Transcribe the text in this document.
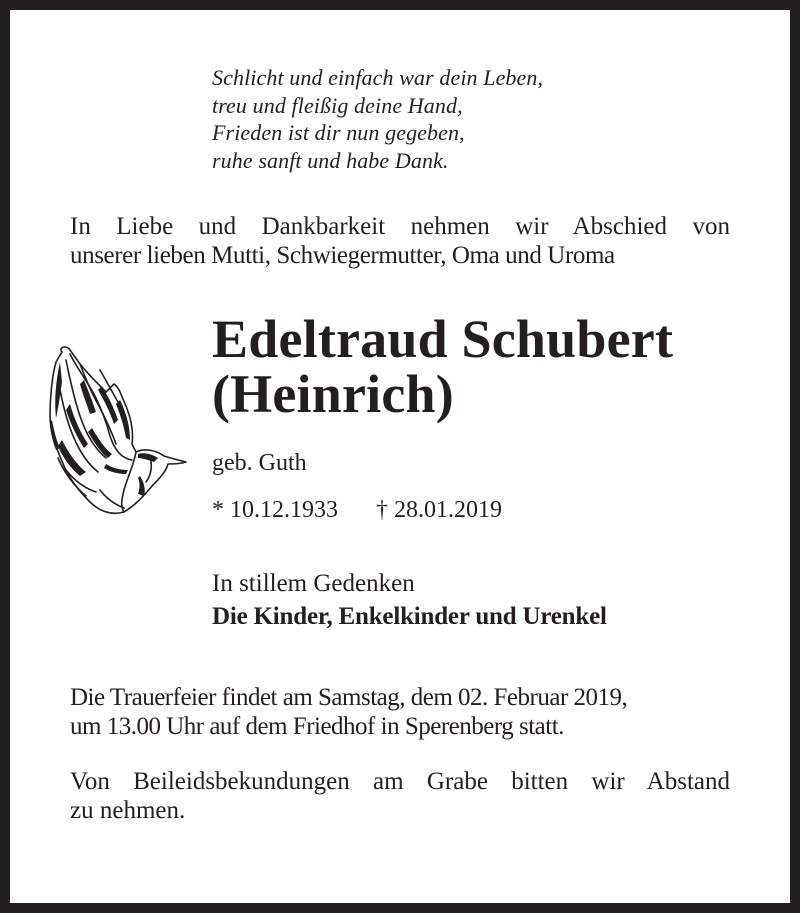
Schlicht und einfach war dein Leben,
treu und fleißig deine Hand,
Frieden ist dir nun gegeben,
ruhe sanft und habe Dank.
In Liebe und Dankbarkeit nehmen wir Abschied von
unserer lieben Mutti, Schwiegermutter, Oma und Uroma
Edeltraud Schubert
(Heinrich)
geb. Guth
* 10.12.1933 † 28.01.2019
In stillem Gedenken
Die Kinder, Enkelkinder und Urenkel
Die Trauerfeier findet am Samstag, dem 02. Februar 2019,
um 13.00 Uhr auf dem Friedhof in Sperenberg statt.
Von Beileidsbekundungen am Grabe bitten wir Abstand
zu nehmen.
